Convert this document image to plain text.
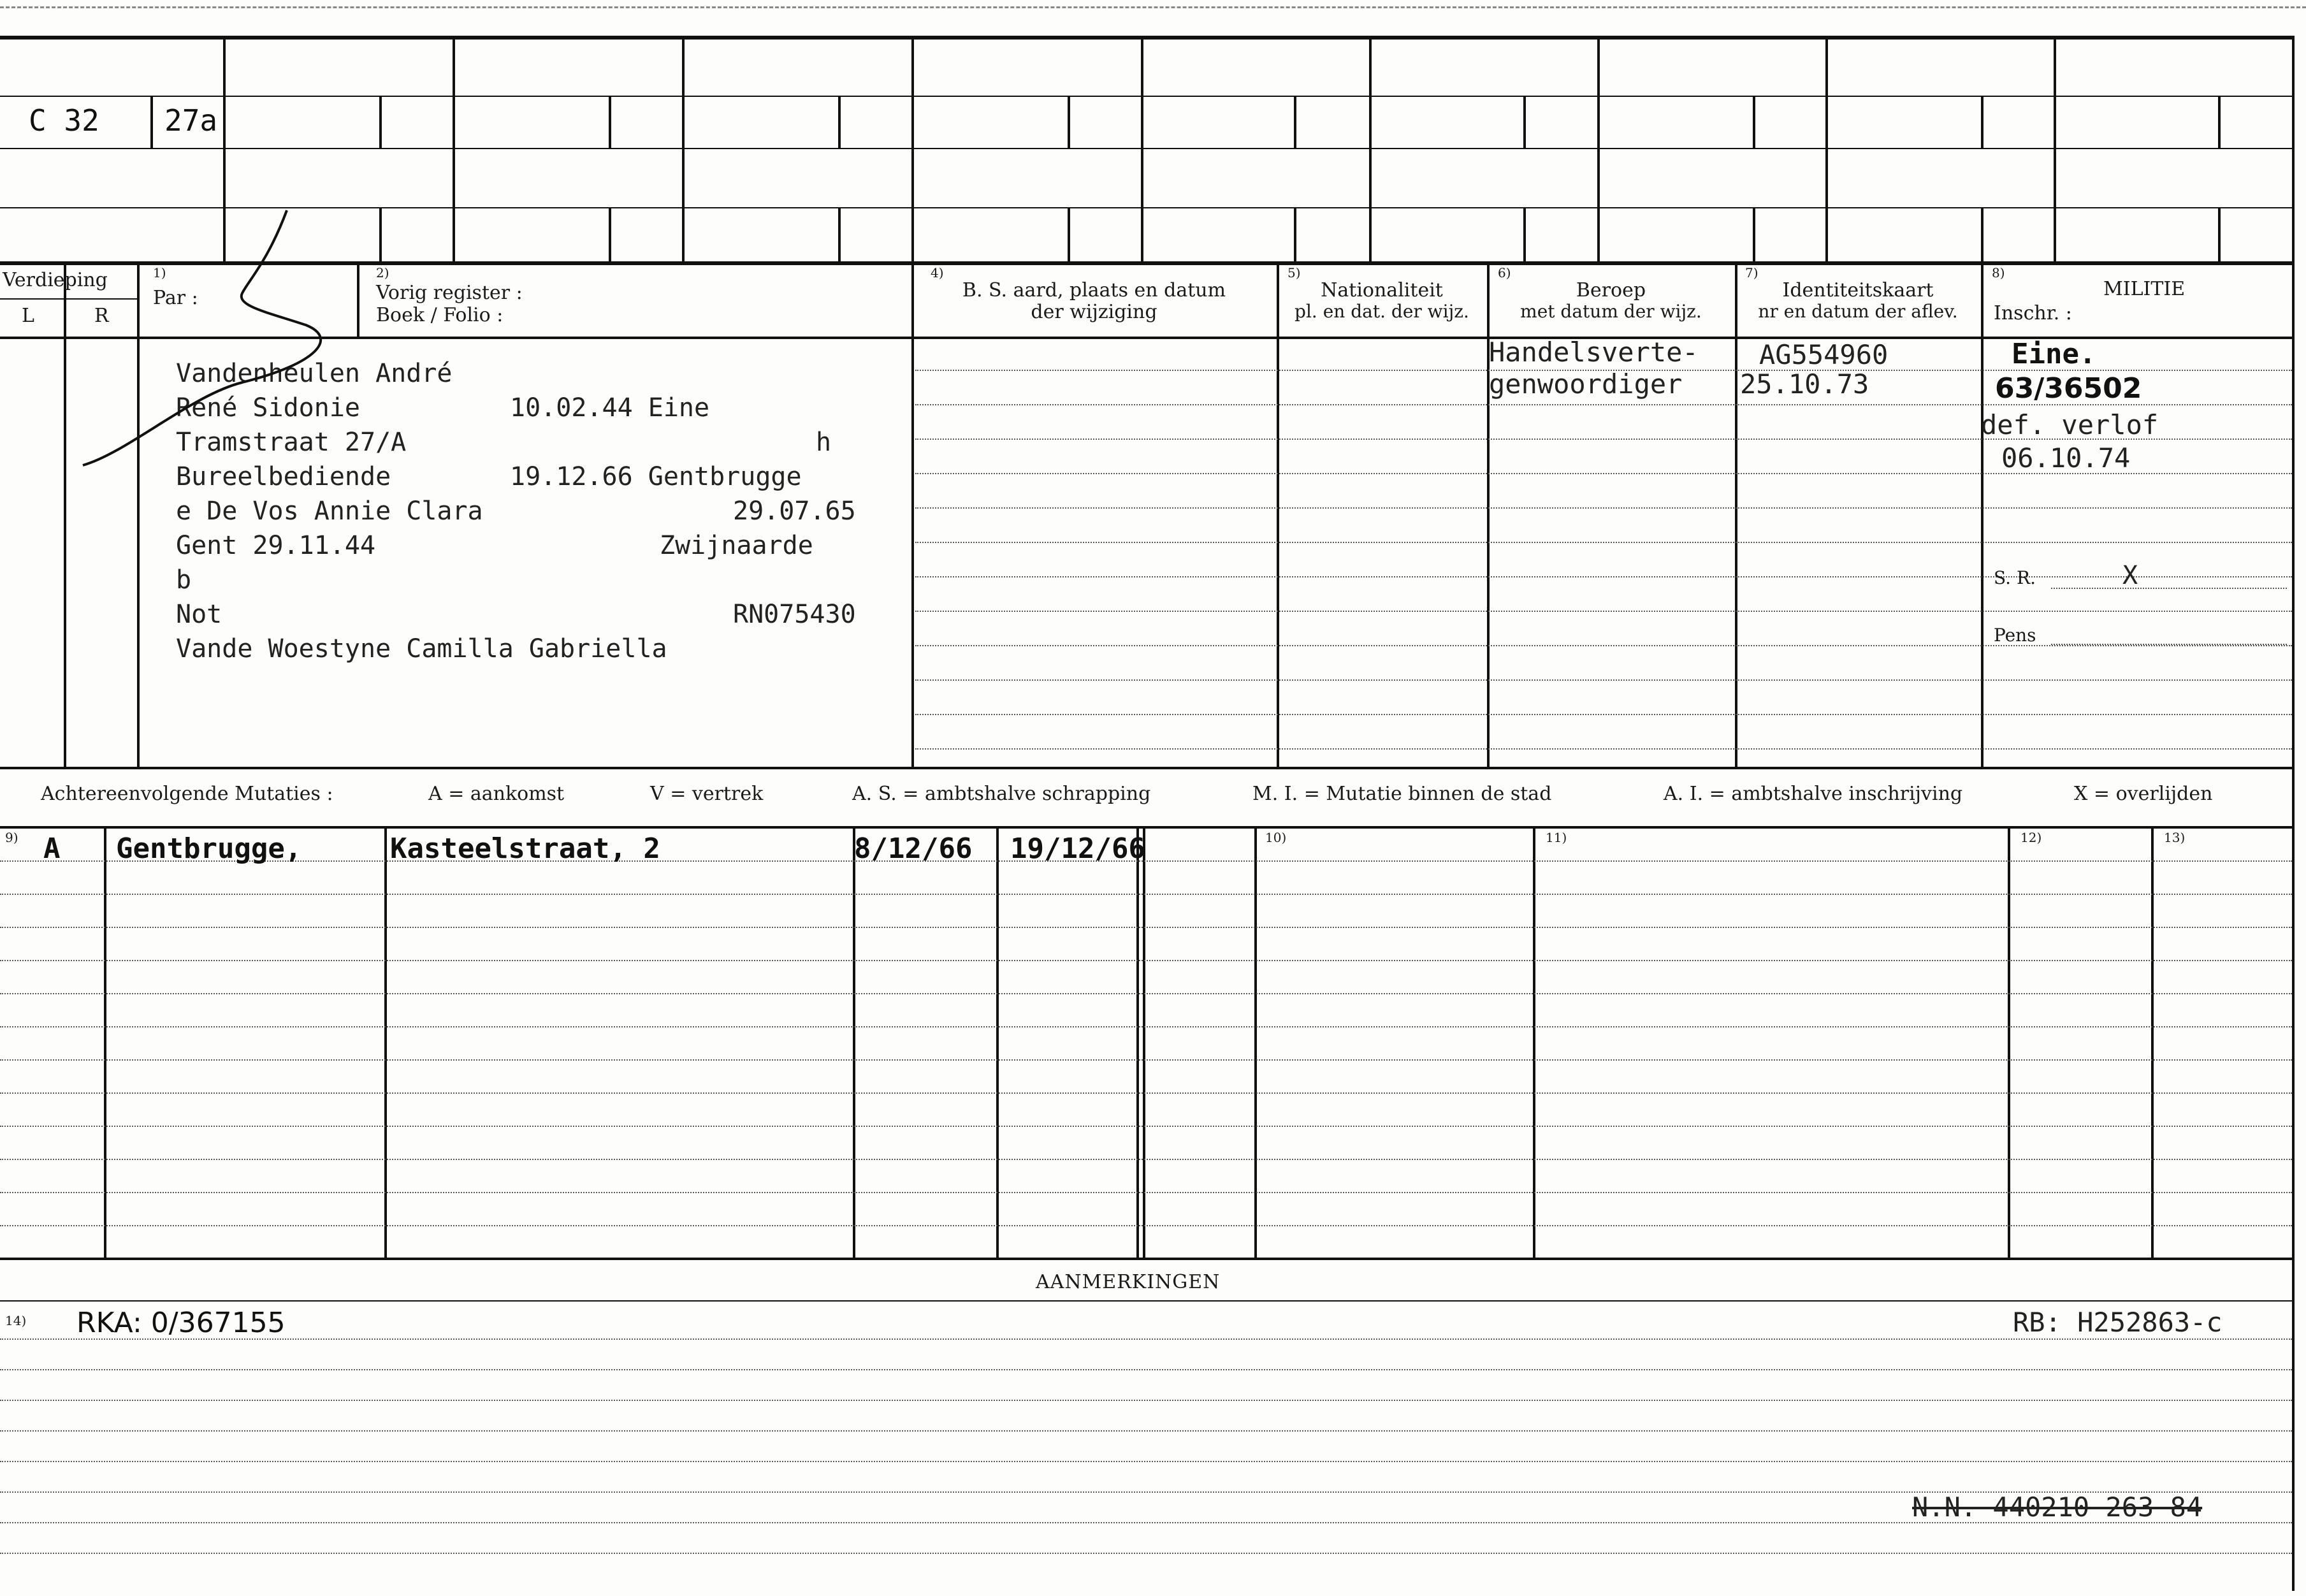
C 32 27a
Verdieping
L	R
1)
Par :
2)
Vorig register :
Boek / Folio :
4)
B. S. aard, plaats en datum
der wijziging
5)
Nationaliteit
pl. en dat. der wijz.
6)
Beroep
met datum der wijz.
7)
Identiteitskaart
nr en datum der aflev.
8)
MILITIE
Inschr. :
Vandenheulen André
René Sidonie	10.02.44 Eine
Tramstraat 27/A	h
Bureelbediende	19.12.66 Gentbrugge
e De Vos Annie Clara	29.07.65
Gent 29.11.44	Zwijnaarde
b
Not	RN075430
Vande Woestyne Camilla Gabriella
Handelsverte-
genwoordiger
AG554960
25.10.73
Eine.
63/36502
def. verlof
06.10.74
S. R.	X
Pens
Achtereenvolgende Mutaties :	A = aankomst	V = vertrek	A. S. = ambtshalve schrapping	M. I. = Mutatie binnen de stad	A. I. = ambtshalve inschrijving	X = overlijden
9)	10)	11)	12)	13)
A Gentbrugge,	Kasteelstraat, 2	8/12/66 19/12/66
AANMERKINGEN
14) RKA: 0/367155	RB: H252863-c
N.N. 440210 263 84
